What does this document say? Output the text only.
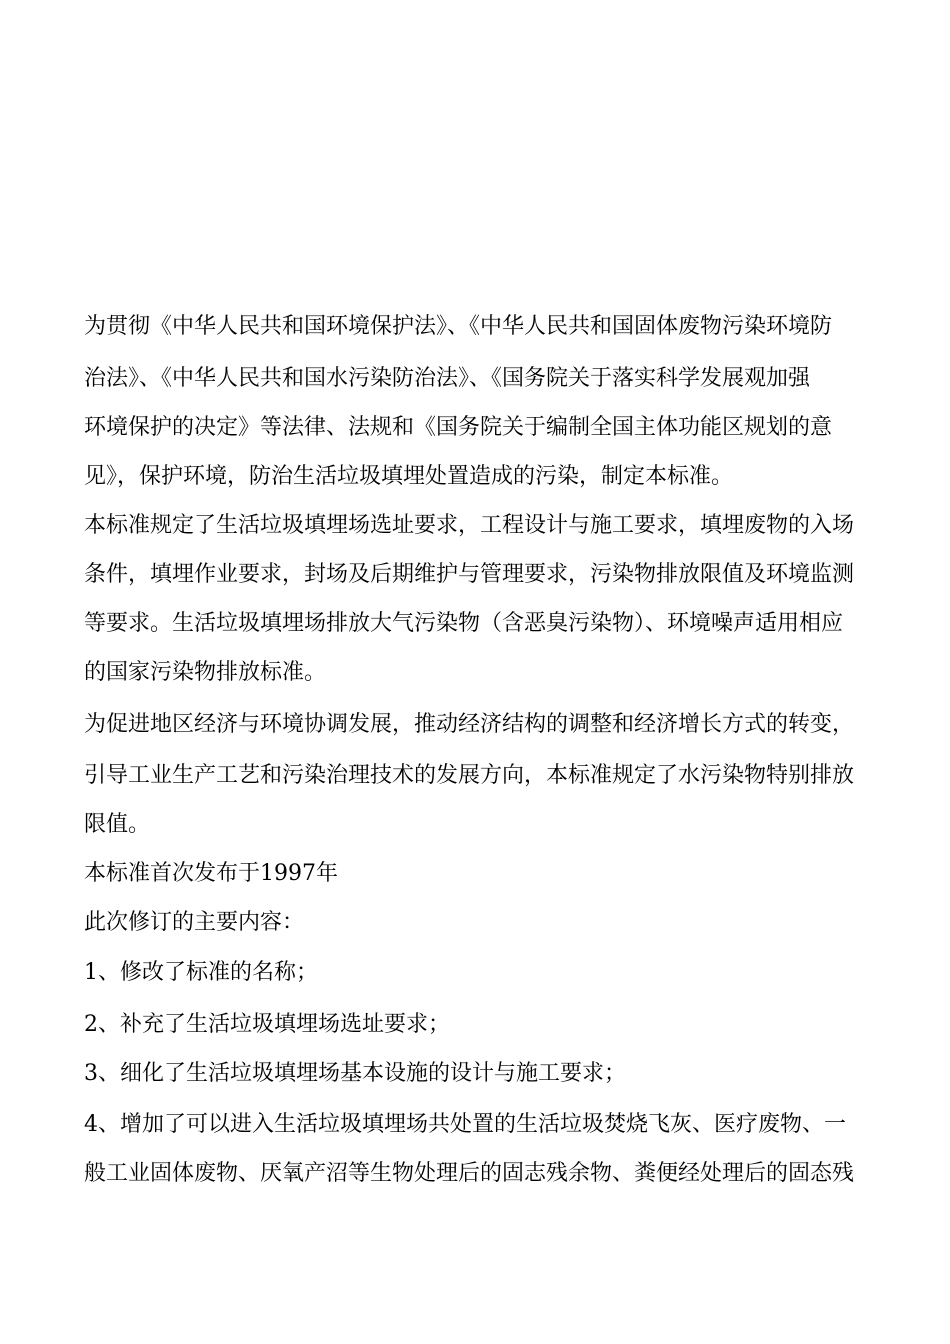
为贯彻《中华人民共和国环境保护法》、《中华人民共和国固体废物污染环境防
治法》、《中华人民共和国水污染防治法》、《国务院关于落实科学发展观加强
环境保护的决定》等法律、法规和《国务院关于编制全国主体功能区规划的意
见》，保护环境，防治生活垃圾填埋处置造成的污染，制定本标准。
本标准规定了生活垃圾填埋场选址要求，工程设计与施工要求，填埋废物的入场
条件，填埋作业要求，封场及后期维护与管理要求，污染物排放限值及环境监测
等要求。生活垃圾填埋场排放大气污染物（含恶臭污染物）、环境噪声适用相应
的国家污染物排放标准。
为促进地区经济与环境协调发展，推动经济结构的调整和经济增长方式的转变，
引导工业生产工艺和污染治理技术的发展方向，本标准规定了水污染物特别排放
限值。
本标准首次发布于1997年
此次修订的主要内容：
1、修改了标准的名称；
2、补充了生活垃圾填埋场选址要求；
3、细化了生活垃圾填埋场基本设施的设计与施工要求；
4、增加了可以进入生活垃圾填埋场共处置的生活垃圾焚烧飞灰、医疗废物、一
般工业固体废物、厌氧产沼等生物处理后的固志残余物、粪便经处理后的固态残
